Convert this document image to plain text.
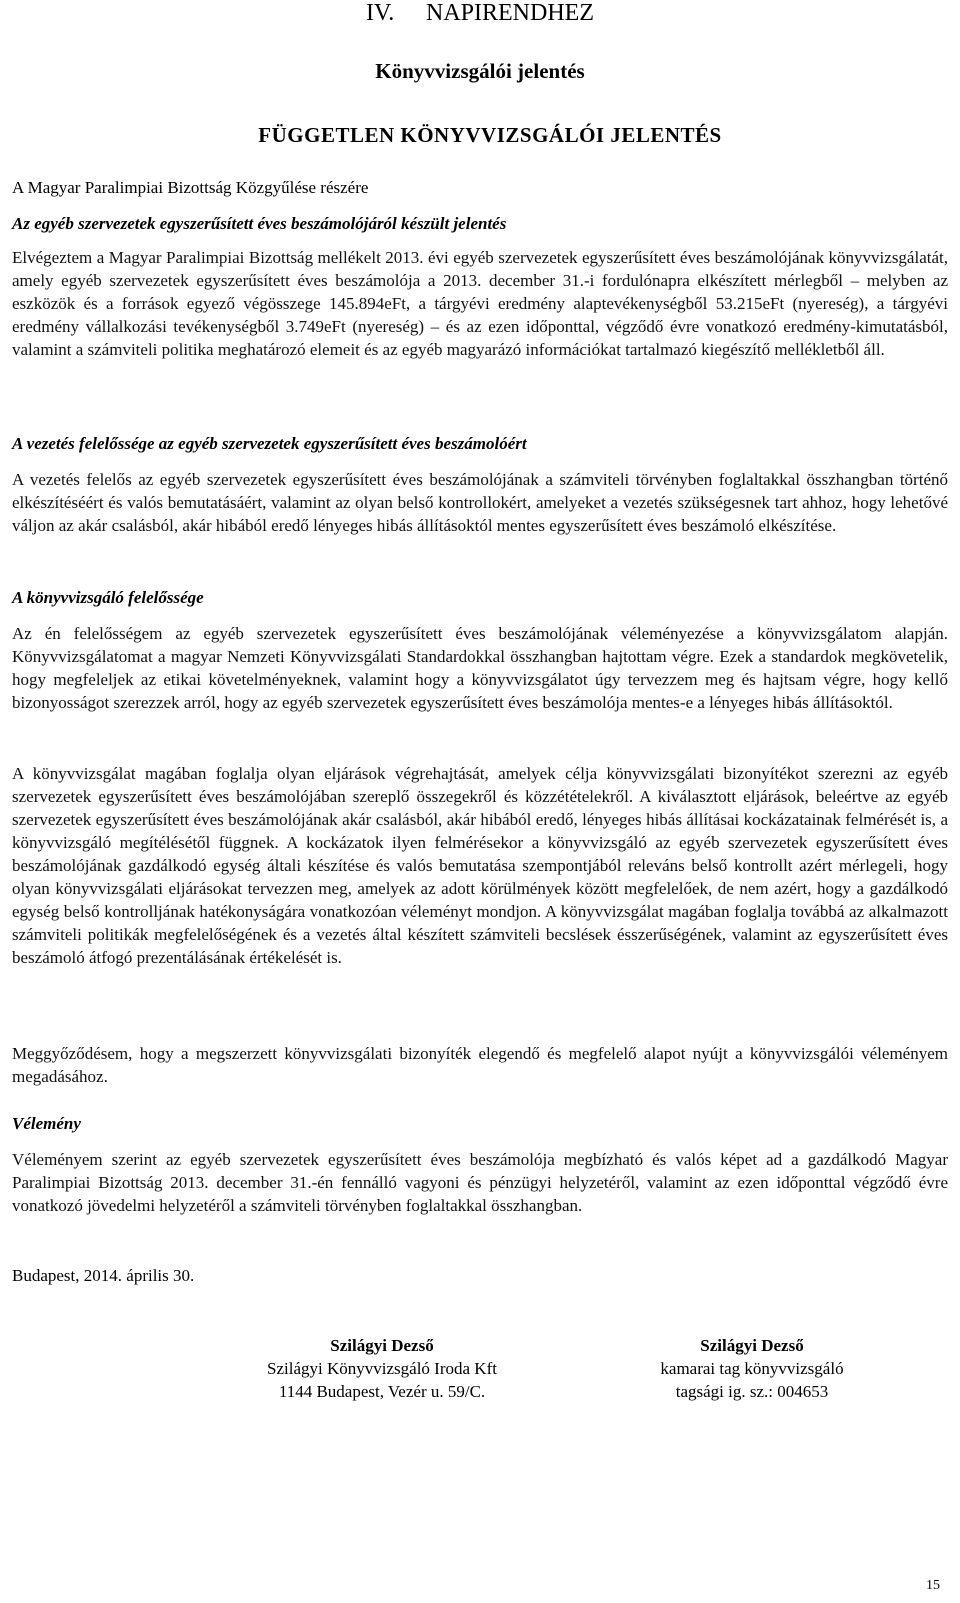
IV. NAPIRENDHEZ
Könyvvizsgálói jelentés
FÜGGETLEN KÖNYVVIZSGÁLÓI JELENTÉS
A Magyar Paralimpiai Bizottság Közgyűlése részére

Az egyéb szervezetek egyszerűsített éves beszámolójáról készült jelentés

Elvégeztem a Magyar Paralimpiai Bizottság mellékelt 2013. évi egyéb szervezetek egyszerűsített éves beszámolójának könyvvizsgálatát, amely egyéb szervezetek egyszerűsített éves beszámolója a 2013. december 31.-i fordulónapra elkészített mérlegből – melyben az eszközök és a források egyező végösszege 145.894eFt, a tárgyévi eredmény alaptevékenységből 53.215eFt (nyereség), a tárgyévi eredmény vállalkozási tevékenységből 3.749eFt (nyereség) – és az ezen időponttal, végződő évre vonatkozó eredmény-kimutatásból, valamint a számviteli politika meghatározó elemeit és az egyéb magyarázó információkat tartalmazó kiegészítő mellékletből áll.

A vezetés felelőssége az egyéb szervezetek egyszerűsített éves beszámolóért

A vezetés felelős az egyéb szervezetek egyszerűsített éves beszámolójának a számviteli törvényben foglaltakkal összhangban történő elkészítéséért és valós bemutatásáért, valamint az olyan belső kontrollokért, amelyeket a vezetés szükségesnek tart ahhoz, hogy lehetővé váljon az akár csalásból, akár hibából eredő lényeges hibás állításoktól mentes egyszerűsített éves beszámoló elkészítése.

A könyvvizsgáló felelőssége

Az én felelősségem az egyéb szervezetek egyszerűsített éves beszámolójának véleményezése a könyvvizsgálatom alapján. Könyvvizsgálatomat a magyar Nemzeti Könyvvizsgálati Standardokkal összhangban hajtottam végre. Ezek a standardok megkövetelik, hogy megfeleljek az etikai követelményeknek, valamint hogy a könyvvizsgálatot úgy tervezzem meg és hajtsam végre, hogy kellő bizonyosságot szerezzek arról, hogy az egyéb szervezetek egyszerűsített éves beszámolója mentes-e a lényeges hibás állításoktól.

A könyvvizsgálat magában foglalja olyan eljárások végrehajtását, amelyek célja könyvvizsgálati bizonyítékot szerezni az egyéb szervezetek egyszerűsített éves beszámolójában szereplő összegekről és közzétételekről. A kiválasztott eljárások, beleértve az egyéb szervezetek egyszerűsített éves beszámolójának akár csalásból, akár hibából eredő, lényeges hibás állításai kockázatainak felmérését is, a könyvvizsgáló megítélésétől függnek. A kockázatok ilyen felmérésekor a könyvvizsgáló az egyéb szervezetek egyszerűsített éves beszámolójának gazdálkodó egység általi készítése és valós bemutatása szempontjából releváns belső kontrollt azért mérlegeli, hogy olyan könyvvizsgálati eljárásokat tervezzen meg, amelyek az adott körülmények között megfelelőek, de nem azért, hogy a gazdálkodó egység belső kontrolljának hatékonyságára vonatkozóan véleményt mondjon. A könyvvizsgálat magában foglalja továbbá az alkalmazott számviteli politikák megfelelőségének és a vezetés által készített számviteli becslések ésszerűségének, valamint az egyszerűsített éves beszámoló átfogó prezentálásának értékelését is.

Meggyőződésem, hogy a megszerzett könyvvizsgálati bizonyíték elegendő és megfelelő alapot nyújt a könyvvizsgálói véleményem megadásához.

Vélemény

Véleményem szerint az egyéb szervezetek egyszerűsített éves beszámolója megbízható és valós képet ad a gazdálkodó Magyar Paralimpiai Bizottság 2013. december 31.-én fennálló vagyoni és pénzügyi helyzetéről, valamint az ezen időponttal végződő évre vonatkozó jövedelmi helyzetéről a számviteli törvényben foglaltakkal összhangban.

Budapest, 2014. április 30.
Szilágyi Dezső
Szilágyi Könyvvizsgáló Iroda Kft
1144 Budapest, Vezér u. 59/C.
Szilágyi Dezső
kamarai tag könyvvizsgáló
tagsági ig. sz.: 004653
15
